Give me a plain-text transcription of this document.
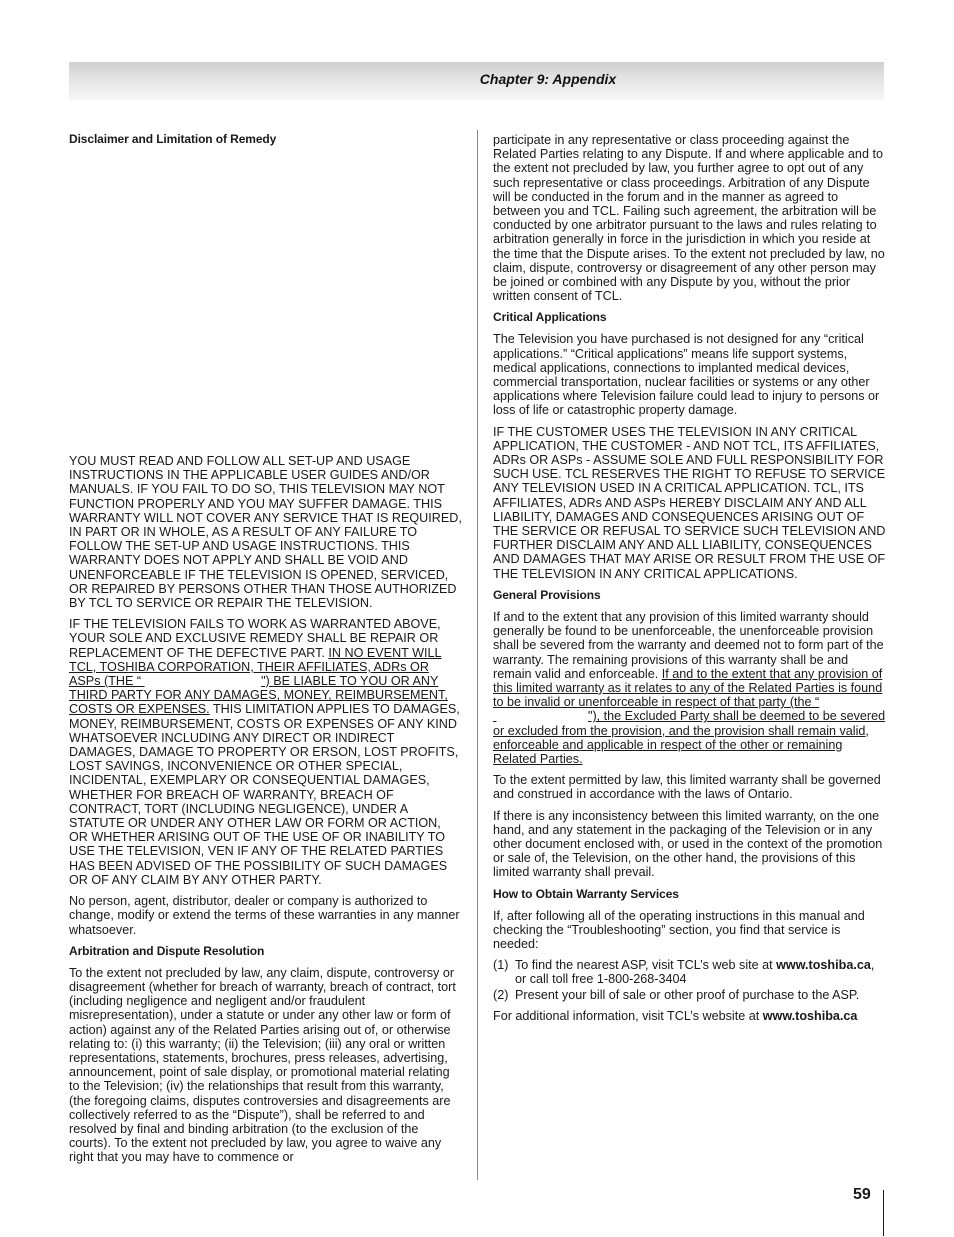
Chapter 9: Appendix
Disclaimer and Limitation of Remedy

YOU MUST READ AND FOLLOW ALL SET-UP AND USAGE INSTRUCTIONS IN THE APPLICABLE USER GUIDES AND/OR MANUALS. IF YOU FAIL TO DO SO, THIS TELEVISION MAY NOT FUNCTION PROPERLY AND YOU MAY SUFFER DAMAGE. THIS WARRANTY WILL NOT COVER ANY SERVICE THAT IS REQUIRED, IN PART OR IN WHOLE, AS A RESULT OF ANY FAILURE TO FOLLOW THE SET-UP AND USAGE INSTRUCTIONS. THIS WARRANTY DOES NOT APPLY AND SHALL BE VOID AND UNENFORCEABLE IF THE TELEVISION IS OPENED, SERVICED, OR REPAIRED BY PERSONS OTHER THAN THOSE AUTHORIZED BY TCL TO SERVICE OR REPAIR THE TELEVISION.

IF THE TELEVISION FAILS TO WORK AS WARRANTED ABOVE, YOUR SOLE AND EXCLUSIVE REMEDY SHALL BE REPAIR OR REPLACEMENT OF THE DEFECTIVE PART. IN NO EVENT WILL TCL, TOSHIBA CORPORATION, THEIR AFFILIATES, ADRs OR ASPs (THE “	") BE LIABLE TO YOU OR ANY THIRD PARTY FOR ANY DAMAGES, MONEY, REIMBURSEMENT, COSTS OR EXPENSES. THIS LIMITATION APPLIES TO DAMAGES, MONEY, REIMBURSEMENT, COSTS OR EXPENSES OF ANY KIND WHATSOEVER INCLUDING ANY DIRECT OR INDIRECT DAMAGES, DAMAGE TO PROPERTY OR ERSON, LOST PROFITS, LOST SAVINGS, INCONVENIENCE OR OTHER SPECIAL, INCIDENTAL, EXEMPLARY OR CONSEQUENTIAL DAMAGES, WHETHER FOR BREACH OF WARRANTY, BREACH OF CONTRACT, TORT (INCLUDING NEGLIGENCE), UNDER A STATUTE OR UNDER ANY OTHER LAW OR FORM OR ACTION, OR WHETHER ARISING OUT OF THE USE OF OR INABILITY TO USE THE TELEVISION, VEN IF ANY OF THE RELATED PARTIES HAS BEEN ADVISED OF THE POSSIBILITY OF SUCH DAMAGES OR OF ANY CLAIM BY ANY OTHER PARTY.

No person, agent, distributor, dealer or company is authorized to change, modify or extend the terms of these warranties in any manner whatsoever.

Arbitration and Dispute Resolution

To the extent not precluded by law, any claim, dispute, controversy or disagreement (whether for breach of warranty, breach of contract, tort (including negligence and negligent and/or fraudulent misrepresentation), under a statute or under any other law or form of action) against any of the Related Parties arising out of, or otherwise relating to: (i) this warranty; (ii) the Television; (iii) any oral or written representations, statements, brochures, press releases, advertising, announcement, point of sale display, or promotional material relating to the Television; (iv) the relationships that result from this warranty, (the foregoing claims, disputes controversies and disagreements are collectively referred to as the “Dispute”), shall be referred to and resolved by final and binding arbitration (to the exclusion of the courts). To the extent not precluded by law, you agree to waive any right that you may have to commence or

participate in any representative or class proceeding against the Related Parties relating to any Dispute. If and where applicable and to the extent not precluded by law, you further agree to opt out of any such representative or class proceedings. Arbitration of any Dispute will be conducted in the forum and in the manner as agreed to between you and TCL. Failing such agreement, the arbitration will be conducted by one arbitrator pursuant to the laws and rules relating to arbitration generally in force in the jurisdiction in which you reside at the time that the Dispute arises. To the extent not precluded by law, no claim, dispute, controversy or disagreement of any other person may be joined or combined with any Dispute by you, without the prior written consent of TCL.

Critical Applications

The Television you have purchased is not designed for any “critical applications.” “Critical applications” means life support systems, medical applications, connections to implanted medical devices, commercial transportation, nuclear facilities or systems or any other applications where Television failure could lead to injury to persons or loss of life or catastrophic property damage.

IF THE CUSTOMER USES THE TELEVISION IN ANY CRITICAL APPLICATION, THE CUSTOMER - AND NOT TCL, ITS AFFILIATES, ADRs OR ASPs - ASSUME SOLE AND FULL RESPONSIBILITY FOR SUCH USE. TCL RESERVES THE RIGHT TO REFUSE TO SERVICE ANY TELEVISION USED IN A CRITICAL APPLICATION. TCL, ITS AFFILIATES, ADRs AND ASPs HEREBY DISCLAIM ANY AND ALL LIABILITY, DAMAGES AND CONSEQUENCES ARISING OUT OF THE SERVICE OR REFUSAL TO SERVICE SUCH TELEVISION AND FURTHER DISCLAIM ANY AND ALL LIABILITY, CONSEQUENCES AND DAMAGES THAT MAY ARISE OR RESULT FROM THE USE OF THE TELEVISION IN ANY CRITICAL APPLICATIONS.

General Provisions

If and to the extent that any provision of this limited warranty should generally be found to be unenforceable, the unenforceable provision shall be severed from the warranty and deemed not to form part of the warranty. The remaining provisions of this warranty shall be and remain valid and enforceable. If and to the extent that any provision of this limited warranty as it relates to any of the Related Parties is found to be invalid or unenforceable in respect of that party (the “ "), the Excluded Party shall be deemed to be severed or excluded from the provision, and the provision shall remain valid, enforceable and applicable in respect of the other or remaining Related Parties.

To the extent permitted by law, this limited warranty shall be governed and construed in accordance with the laws of Ontario.

If there is any inconsistency between this limited warranty, on the one hand, and any statement in the packaging of the Television or in any other document enclosed with, or used in the context of the promotion or sale of, the Television, on the other hand, the provisions of this limited warranty shall prevail.

How to Obtain Warranty Services

If, after following all of the operating instructions in this manual and checking the “Troubleshooting” section, you find that service is needed:

(1) To find the nearest ASP, visit TCL’s web site at www.toshiba.ca, or call toll free 1-800-268-3404
(2) Present your bill of sale or other proof of purchase to the ASP.

For additional information, visit TCL’s website at www.toshiba.ca

59
